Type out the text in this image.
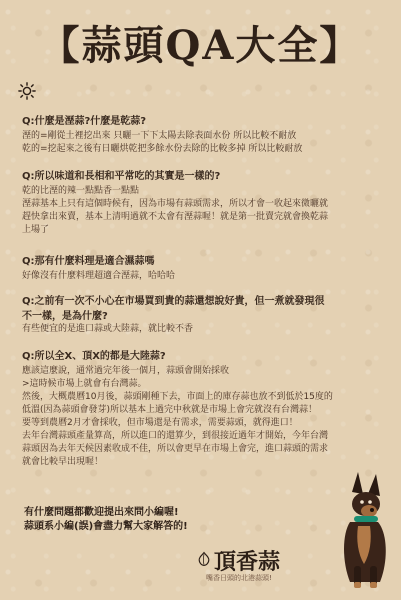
【蒜頭QA大全】
Q:什麼是溼蒜?什麼是乾蒜?

溼的=剛從土裡挖出來 只曬一下下太陽去除表面水份 所以比較不耐放

乾的=挖起來之後有日曬烘乾把多餘水份去除的比較多掉 所以比較耐放

Q:所以味道和長相和平常吃的其實是一樣的?

乾的比溼的辣一點點香一點點

溼蒜基本上只有這個時候有，因為市場有蒜頭需求，所以才會一收起來微曬就

趕快拿出來賣，基本上清明過就不太會有溼蒜喔！就是第一批賣完就會換乾蒜

上場了

Q:那有什麼料理是適合濕蒜嗎

好像沒有什麼料理超適合溼蒜，哈哈哈

Q:之前有一次不小心在市場買到貴的蒜還想說好貴，但一煮就發現很

不一樣，是為什麼?

有些便宜的是進口蒜或大陸蒜，就比較不香

Q:所以全X、頂X的都是大陸蒜?

應該這麼說，通常過完年後一個月，蒜頭會開始採收

>這時候市場上就會有台灣蒜。

然後，大概農曆10月後，蒜頭剛種下去，市面上的庫存蒜也放不到低於15度的

低溫(因為蒜頭會發芽)所以基本上過完中秋就是市場上會完就沒有台灣蒜！

要等到農曆2月才會採收，但市場還是有需求，需要蒜頭，就得進口！

去年台灣蒜頭產量算高，所以進口的還算少，到很接近過年才開始，今年台灣

蒜頭因為去年天候因素收成不佳，所以會更早在市場上會完，進口蒜頭的需求

就會比較早出現喔！

有什麼問題都歡迎提出來問小編喔!
蒜頭系小編(誤)會盡力幫大家解答的!
頂香蒜
嘴香日頭的北港蒜頭!
